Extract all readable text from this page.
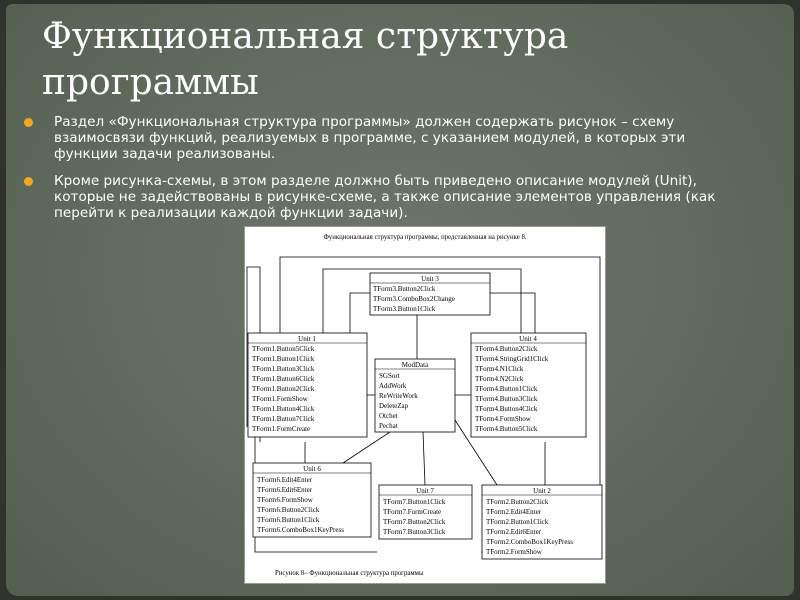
Функциональная структура программы
Раздел «Функциональная структура программы» должен содержать рисунок – схему взаимосвязи функций, реализуемых в программе, с указанием модулей, в которых эти функции задачи реализованы.
Кроме рисунка-схемы, в этом разделе должно быть приведено описание модулей (Unit), которые не задействованы в рисунке-схеме, а также описание элементов управления (как перейти к реализации каждой функции задачи).
Функциональная структура программы, представленная на рисунке 8.
Рисунок 8– Функциональная структура программы
Unit 3
TForm3.Button2Click
TForm3.ComboBox2Change
TForm3.Button1Click
Unit 1
TForm1.Button5Click
TForm1.Button1Click
TForm1.Button3Click
TForm1.Button6Click
TForm1.Button2Click
TForm1.FormShow
TForm1.Button4Click
TForm1.Button7Click
TForm1.FormCreate
ModData
SGSort
AddWork
ReWriteWork
DeleteZap
Otchet
Pechat
Unit 4
TForm4.Button2Click
TForm4.StringGrid1Click
TForm4.N1Click
TForm4.N2Click
TForm4.Button1Click
TForm4.Button3Click
TForm4.Button4Click
TForm4.FormShow
TForm4.Button5Click
Unit 6
TForm6.Edit4Enter
TForm6.Edit6Enter
TForm6.FormShow
TForm6.Button2Click
TForm6.Button1Click
TForm6.ComboBox1KeyPress
Unit 7
TForm7.Button1Click
TForm7.FormCreate
TForm7.Button2Click
TForm7.Button3Click
Unit 2
TForm2.Button2Click
TForm2.Edit4Enter
TForm2.Button1Click
TForm2.Edit6Enter
TForm2.ComboBox1KeyPress
TForm2.FormShow
